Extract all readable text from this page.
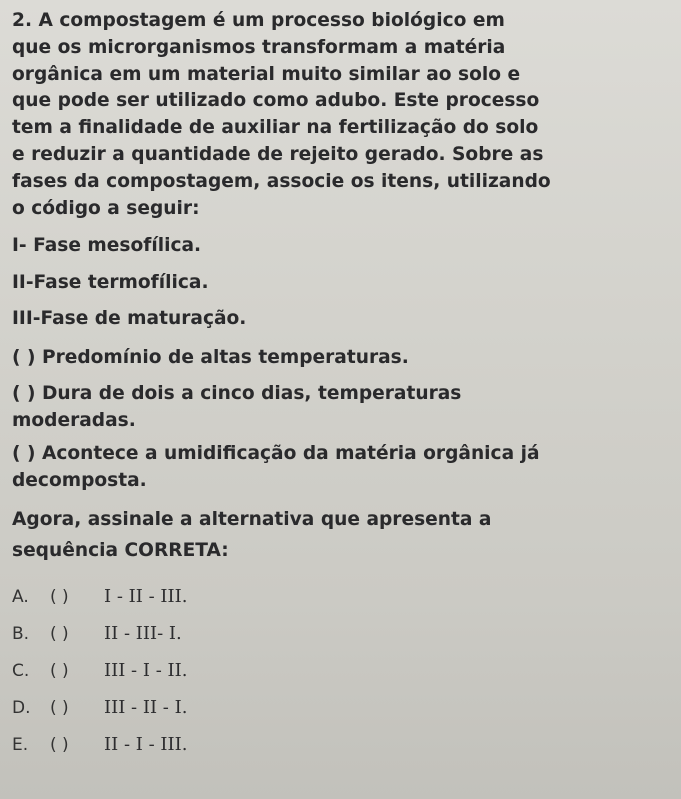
2. A compostagem é um processo biológico em
que os microrganismos transformam a matéria
orgânica em um material muito similar ao solo e
que pode ser utilizado como adubo. Este processo
tem a finalidade de auxiliar na fertilização do solo
e reduzir a quantidade de rejeito gerado. Sobre as
fases da compostagem, associe os itens, utilizando
o código a seguir:
I- Fase mesofílica.
II-Fase termofílica.
III-Fase de maturação.
( ) Predomínio de altas temperaturas.
( ) Dura de dois a cinco dias, temperaturas
moderadas.
( ) Acontece a umidificação da matéria orgânica já
decomposta.
Agora, assinale a alternativa que apresenta a
sequência CORRETA:
A.	( )	I - II - III.
B.	( )	II - III- I.
C.	( )	III - I - II.
D.	( )	III - II - I.
E.	( )	II - I - III.
